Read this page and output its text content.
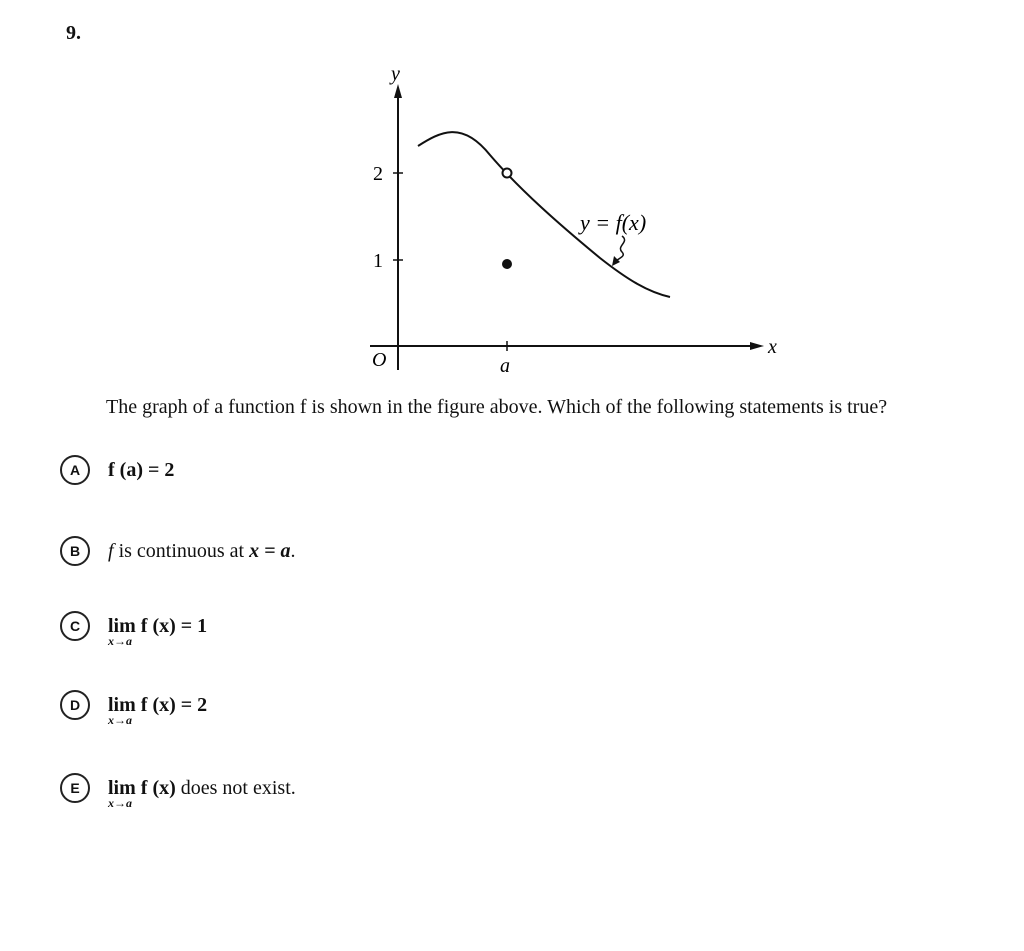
9.
y
x
O	a
2
1
y = f(x)
The graph of a function f is shown in the figure above. Which of the following statements is true?
A	f (a) = 2
B	f is continuous at x = a.
C	lim
x→a
f (x) = 1
D	lim
x→a
f (x) = 2
E	lim
x→a
f (x) does not exist.
